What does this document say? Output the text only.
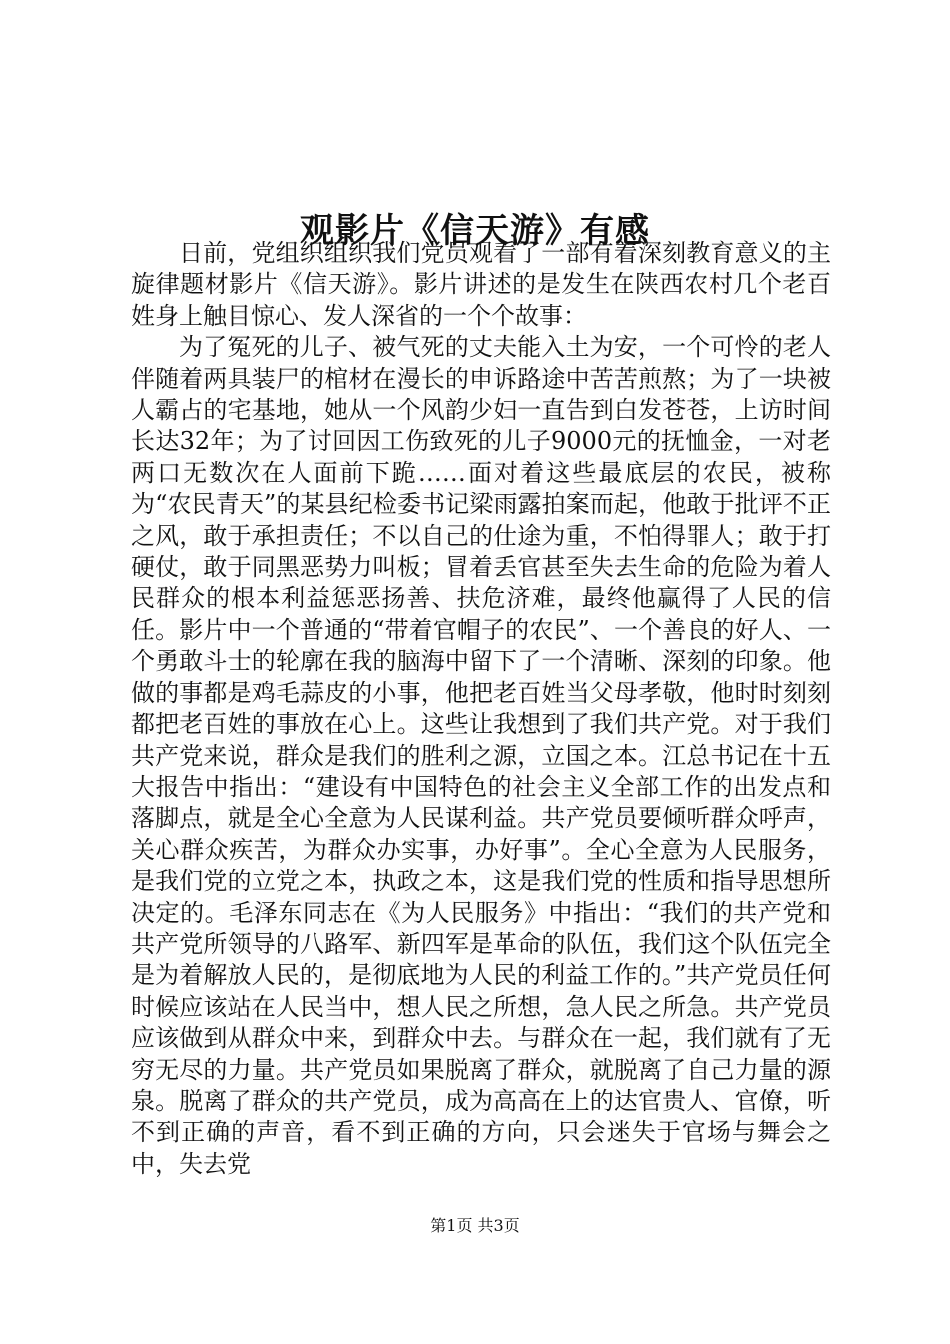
观影片《信天游》有感

日前，党组织组织我们党员观看了一部有着深刻教育意义的主旋律题材影片《信天游》。影片讲述的是发生在陕西农村几个老百姓身上触目惊心、发人深省的一个个故事：

为了冤死的儿子、被气死的丈夫能入土为安，一个可怜的老人伴随着两具装尸的棺材在漫长的申诉路途中苦苦煎熬；为了一块被人霸占的宅基地，她从一个风韵少妇一直告到白发苍苍，上访时间长达32年；为了讨回因工伤致死的儿子9000元的抚恤金，一对老两口无数次在人面前下跪……面对着这些最底层的农民，被称为“农民青天”的某县纪检委书记梁雨露拍案而起，他敢于批评不正之风，敢于承担责任；不以自己的仕途为重，不怕得罪人；敢于打硬仗，敢于同黑恶势力叫板；冒着丢官甚至失去生命的危险为着人民群众的根本利益惩恶扬善、扶危济难，最终他赢得了人民的信任。影片中一个普通的“带着官帽子的农民”、一个善良的好人、一个勇敢斗士的轮廓在我的脑海中留下了一个清晰、深刻的印象。他做的事都是鸡毛蒜皮的小事，他把老百姓当父母孝敬，他时时刻刻都把老百姓的事放在心上。这些让我想到了我们共产党。对于我们共产党来说，群众是我们的胜利之源，立国之本。江总书记在十五大报告中指出：“建设有中国特色的社会主义全部工作的出发点和落脚点，就是全心全意为人民谋利益。共产党员要倾听群众呼声，关心群众疾苦，为群众办实事，办好事”。全心全意为人民服务，是我们党的立党之本，执政之本，这是我们党的性质和指导思想所决定的。毛泽东同志在《为人民服务》中指出：“我们的共产党和共产党所领导的八路军、新四军是革命的队伍，我们这个队伍完全是为着解放人民的，是彻底地为人民的利益工作的。”共产党员任何时候应该站在人民当中，想人民之所想，急人民之所急。共产党员应该做到从群众中来，到群众中去。与群众在一起，我们就有了无穷无尽的力量。共产党员如果脱离了群众，就脱离了自己力量的源泉。脱离了群众的共产党员，成为高高在上的达官贵人、官僚，听不到正确的声音，看不到正确的方向，只会迷失于官场与舞会之中，失去党

第1页 共3页
